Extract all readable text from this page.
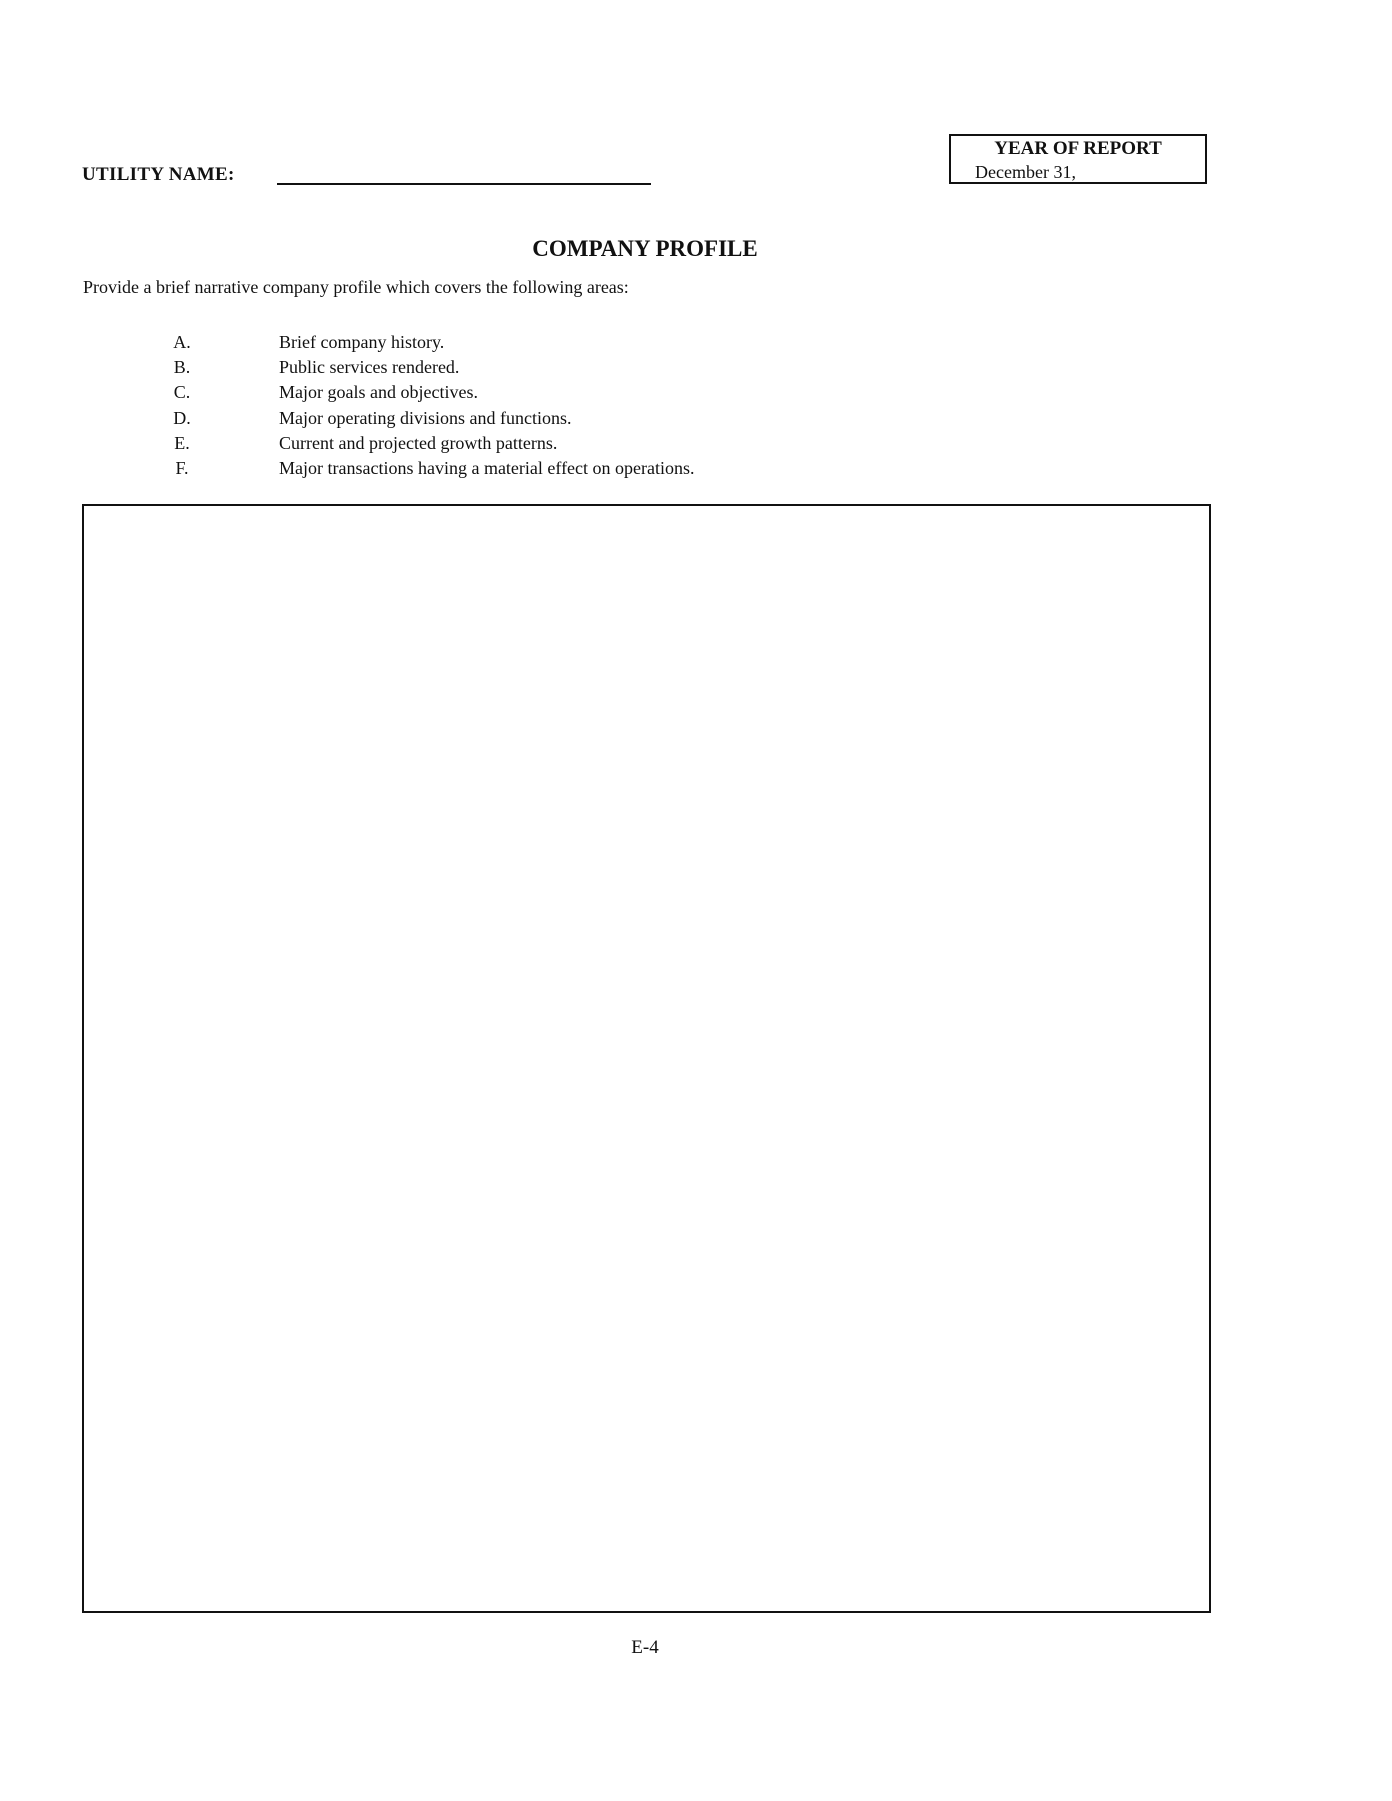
UTILITY NAME:
YEAR OF REPORT
December 31,
COMPANY PROFILE
Provide a brief narrative company profile which covers the following areas:
A.	Brief company history.
B.	Public services rendered.
C.	Major goals and objectives.
D.	Major operating divisions and functions.
E.	Current and projected growth patterns.
F.	Major transactions having a material effect on operations.
E-4
